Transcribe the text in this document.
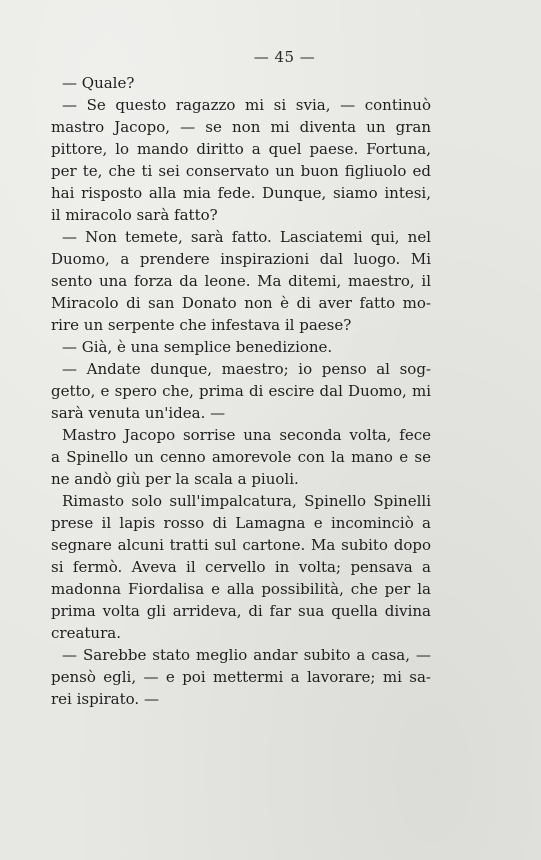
— 45 —
— Quale?
— Se questo ragazzo mi si svia, — continuò
mastro Jacopo, — se non mi diventa un gran
pittore, lo mando diritto a quel paese. Fortuna,
per te, che ti sei conservato un buon figliuolo ed
hai risposto alla mia fede. Dunque, siamo intesi,
il miracolo sarà fatto?
— Non temete, sarà fatto. Lasciatemi qui, nel
Duomo, a prendere inspirazioni dal luogo. Mi
sento una forza da leone. Ma ditemi, maestro, il
Miracolo di san Donato non è di aver fatto mo-
rire un serpente che infestava il paese?
— Già, è una semplice benedizione.
— Andate dunque, maestro; io penso al sog-
getto, e spero che, prima di escire dal Duomo, mi
sarà venuta un'idea. —
Mastro Jacopo sorrise una seconda volta, fece
a Spinello un cenno amorevole con la mano e se
ne andò giù per la scala a piuoli.
Rimasto solo sull'impalcatura, Spinello Spinelli
prese il lapis rosso di Lamagna e incominciò a
segnare alcuni tratti sul cartone. Ma subito dopo
si fermò. Aveva il cervello in volta; pensava a
madonna Fiordalisa e alla possibilità, che per la
prima volta gli arrideva, di far sua quella divina
creatura.
— Sarebbe stato meglio andar subito a casa, —
pensò egli, — e poi mettermi a lavorare; mi sa-
rei ispirato. —
